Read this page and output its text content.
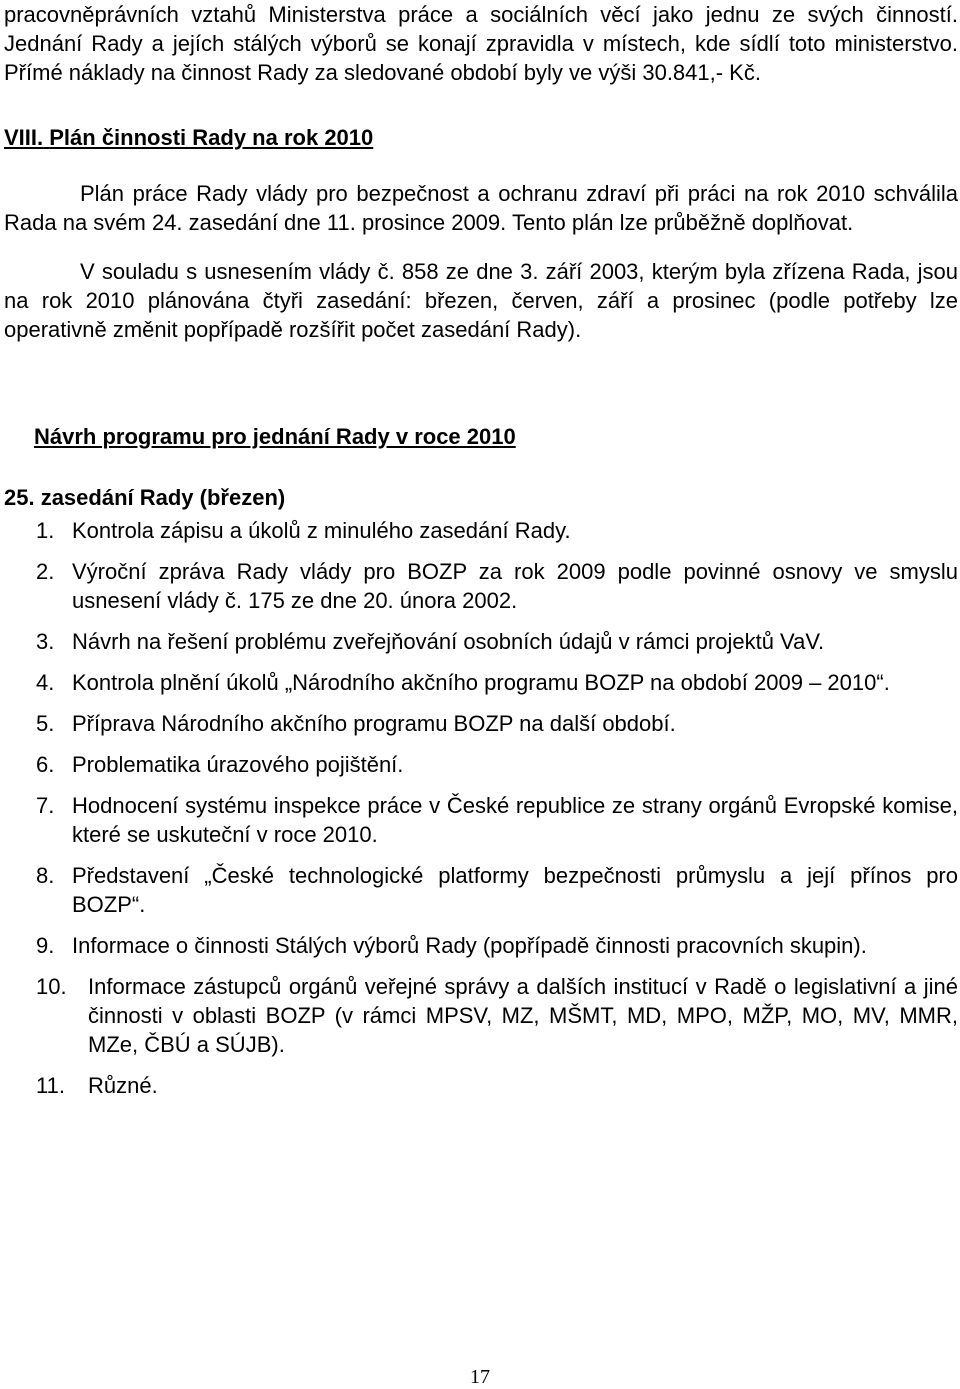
pracovněprávních vztahů Ministerstva práce a sociálních věcí jako jednu ze svých činností. Jednání Rady a jejích stálých výborů se konají zpravidla v místech, kde sídlí toto ministerstvo. Přímé náklady na činnost Rady za sledované období byly ve výši 30.841,- Kč.

VIII. Plán činnosti Rady na rok 2010

Plán práce Rady vlády pro bezpečnost a ochranu zdraví při práci na rok 2010 schválila Rada na svém 24. zasedání dne 11. prosince 2009. Tento plán lze průběžně doplňovat.

V souladu s usnesením vlády č. 858 ze dne 3. září 2003, kterým byla zřízena Rada, jsou na rok 2010 plánována čtyři zasedání: březen, červen, září a prosinec (podle potřeby lze operativně změnit popřípadě rozšířit počet zasedání Rady).

Návrh programu pro jednání Rady v roce 2010

25. zasedání Rady (březen)

1. Kontrola zápisu a úkolů z minulého zasedání Rady.
2. Výroční zpráva Rady vlády pro BOZP za rok 2009 podle povinné osnovy ve smyslu usnesení vlády č. 175 ze dne 20. února 2002.
3. Návrh na řešení problému zveřejňování osobních údajů v rámci projektů VaV.
4. Kontrola plnění úkolů „Národního akčního programu BOZP na období 2009 – 2010“.
5. Příprava Národního akčního programu BOZP na další období.
6. Problematika úrazového pojištění.
7. Hodnocení systému inspekce práce v České republice ze strany orgánů Evropské komise, které se uskuteční v roce 2010.
8. Představení „České technologické platformy bezpečnosti průmyslu a její přínos pro BOZP“.
9. Informace o činnosti Stálých výborů Rady (popřípadě činnosti pracovních skupin).
10. Informace zástupců orgánů veřejné správy a dalších institucí v Radě o legislativní a jiné činnosti v oblasti BOZP (v rámci MPSV, MZ, MŠMT, MD, MPO, MŽP, MO, MV, MMR, MZe, ČBÚ a SÚJB).
11.	Různé.
17
